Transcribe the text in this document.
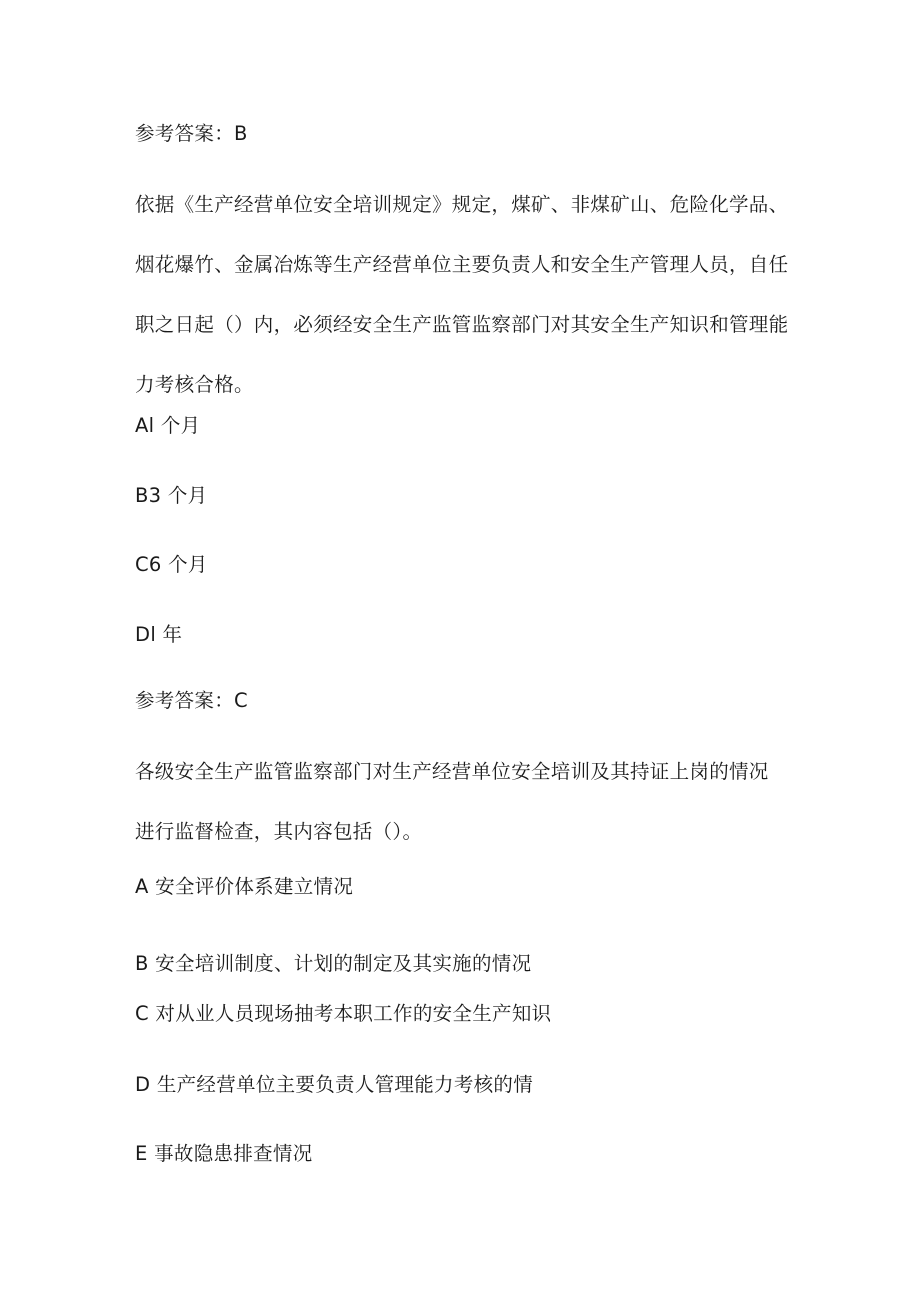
参考答案：B
依据《生产经营单位安全培训规定》规定，煤矿、非煤矿山、危险化学品、
烟花爆竹、金属冶炼等生产经营单位主要负责人和安全生产管理人员，自任
职之日起（）内，必须经安全生产监管监察部门对其安全生产知识和管理能
力考核合格。
Al 个月
B3 个月
C6 个月
Dl 年
参考答案：C
各级安全生产监管监察部门对生产经营单位安全培训及其持证上岗的情况
进行监督检查，其内容包括（）。
A 安全评价体系建立情况
B 安全培训制度、计划的制定及其实施的情况
C 对从业人员现场抽考本职工作的安全生产知识
D 生产经营单位主要负责人管理能力考核的情
E 事故隐患排查情况
